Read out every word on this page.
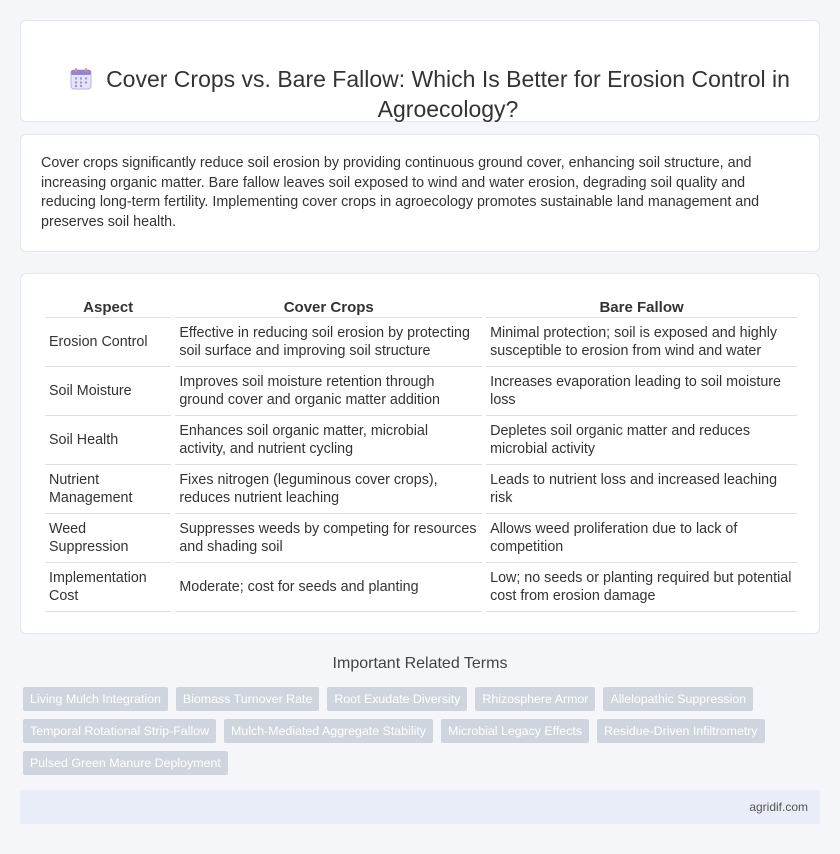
Cover Crops vs. Bare Fallow: Which Is Better for Erosion Control in Agroecology?

Cover crops significantly reduce soil erosion by providing continuous ground cover, enhancing soil structure, and increasing organic matter. Bare fallow leaves soil exposed to wind and water erosion, degrading soil quality and reducing long-term fertility. Implementing cover crops in agroecology promotes sustainable land management and preserves soil health.

Aspect	Cover Crops	Bare Fallow
Erosion Control	Effective in reducing soil erosion by protecting soil surface and improving soil structure	Minimal protection; soil is exposed and highly susceptible to erosion from wind and water
Soil Moisture	Improves soil moisture retention through ground cover and organic matter addition	Increases evaporation leading to soil moisture loss
Soil Health	Enhances soil organic matter, microbial activity, and nutrient cycling	Depletes soil organic matter and reduces microbial activity
Nutrient Management	Fixes nitrogen (leguminous cover crops), reduces nutrient leaching	Leads to nutrient loss and increased leaching risk
Weed Suppression	Suppresses weeds by competing for resources and shading soil	Allows weed proliferation due to lack of competition
Implementation Cost	Moderate; cost for seeds and planting	Low; no seeds or planting required but potential cost from erosion damage
Important Related Terms
Living Mulch Integration	Biomass Turnover Rate	Root Exudate Diversity	Rhizosphere Armor	Allelopathic Suppression
Temporal Rotational Strip-Fallow	Mulch-Mediated Aggregate Stability	Microbial Legacy Effects	Residue-Driven Infiltrometry
Pulsed Green Manure Deployment
agridif.com
